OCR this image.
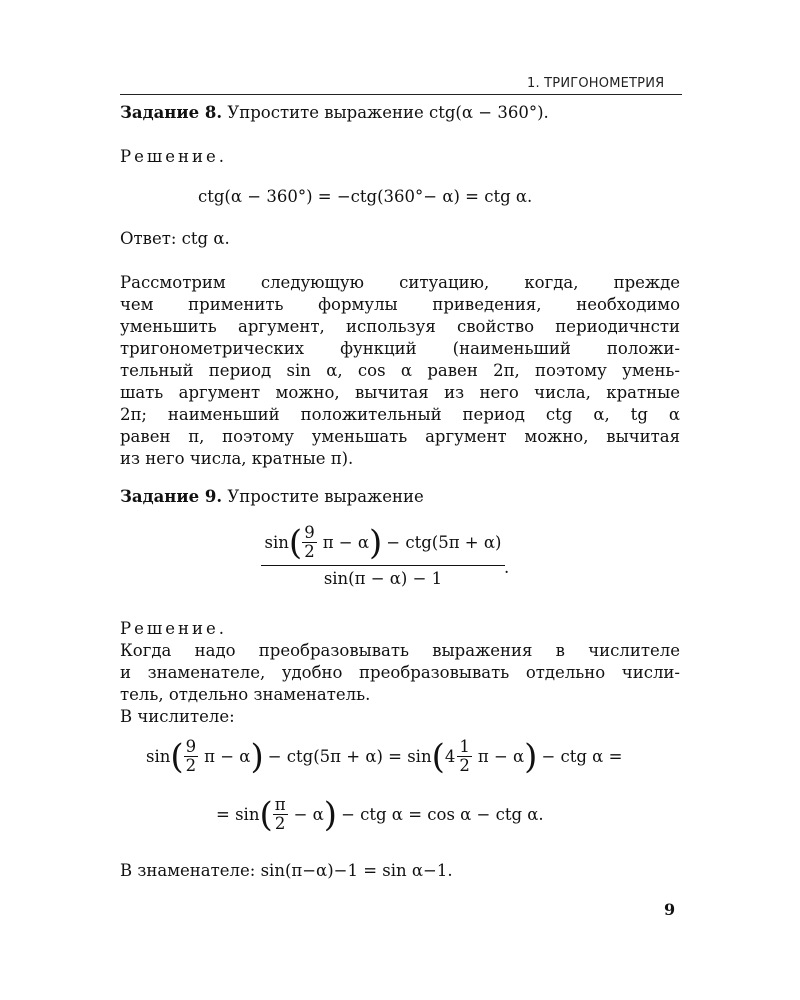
1. ТРИГОНОМЕТРИЯ
Задание 8. Упростите выражение ctg(α − 360°).
Решение.
ctg(α − 360°) = −ctg(360°− α) = ctg α.
Ответ: ctg α.
Рассмотрим следующую ситуацию, когда, прежде
чем применить формулы приведения, необходимо
уменьшить аргумент, используя свойство периодичнсти
тригонометрических функций (наименьший положи-
тельный период sin α, cos α равен 2π, поэтому умень-
шать аргумент можно, вычитая из него числа, кратные
2π; наименьший положительный период ctg α, tg α
равен π, поэтому уменьшать аргумент можно, вычитая
из него числа, кратные π).
Задание 9. Упростите выражение
sin ( $\frac{9}{2}$ π − α ) − ctg(5π + α)
sin(π − α) − 1
.
Решение.
Когда надо преобразовывать выражения в числителе
и знаменателе, удобно преобразовывать отдельно числи-
тель, отдельно знаменатель.
В числителе:
sin ( $\frac{9}{2}$ π − α ) − ctg(5π + α) = sin ( $4 \frac{1}{2}$ π − α ) − ctg α =
= sin ( $\frac{\pi}{2} - \alpha$ ) − ctg α = cos α − ctg α.
В знаменателе: sin(π−α)−1 = sin α−1.
9
